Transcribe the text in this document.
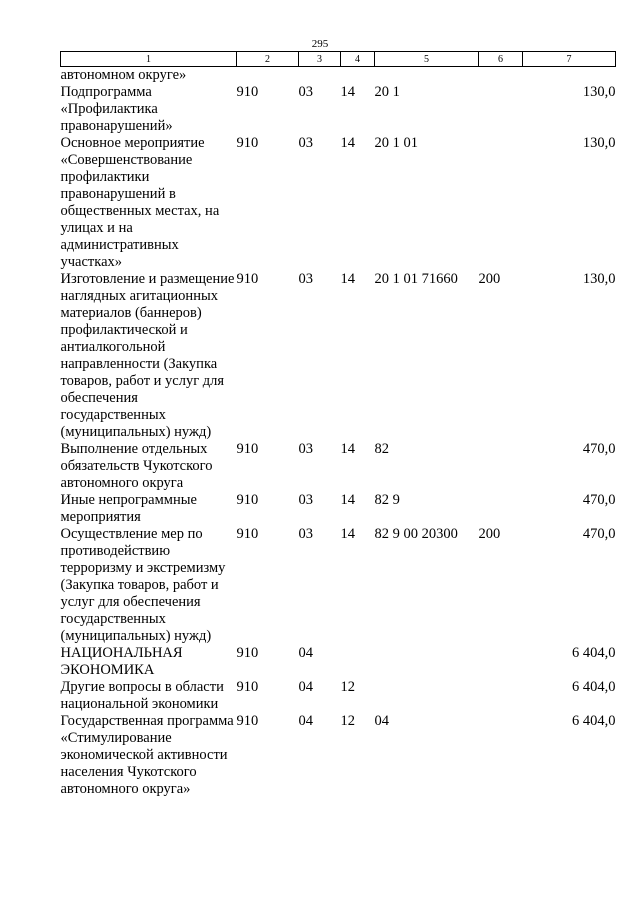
295
1	2	3	4	5	6	7
автономном округе»						
Подпрограмма «Профилактика правонарушений»	910	03	14	20 1		130,0
Основное мероприятие «Совершенствование профилактики правонарушений в общественных местах, на улицах и на административных участках»	910	03	14	20 1 01		130,0
Изготовление и размещение наглядных агитационных материалов (баннеров) профилактической и антиалкогольной направленности (Закупка товаров, работ и услуг для обеспечения государственных (муниципальных) нужд)	910	03	14	20 1 01 71660	200	130,0
Выполнение отдельных обязательств Чукотского автономного округа	910	03	14	82		470,0
Иные непрограммные мероприятия	910	03	14	82 9		470,0
Осуществление мер по противодействию терроризму и экстремизму (Закупка товаров, работ и услуг для обеспечения государственных (муниципальных) нужд)	910	03	14	82 9 00 20300	200	470,0
НАЦИОНАЛЬНАЯ ЭКОНОМИКА	910	04				6 404,0
Другие вопросы в области национальной экономики	910	04	12			6 404,0
Государственная программа «Стимулирование экономической активности населения Чукотского автономного округа»	910	04	12	04		6 404,0
